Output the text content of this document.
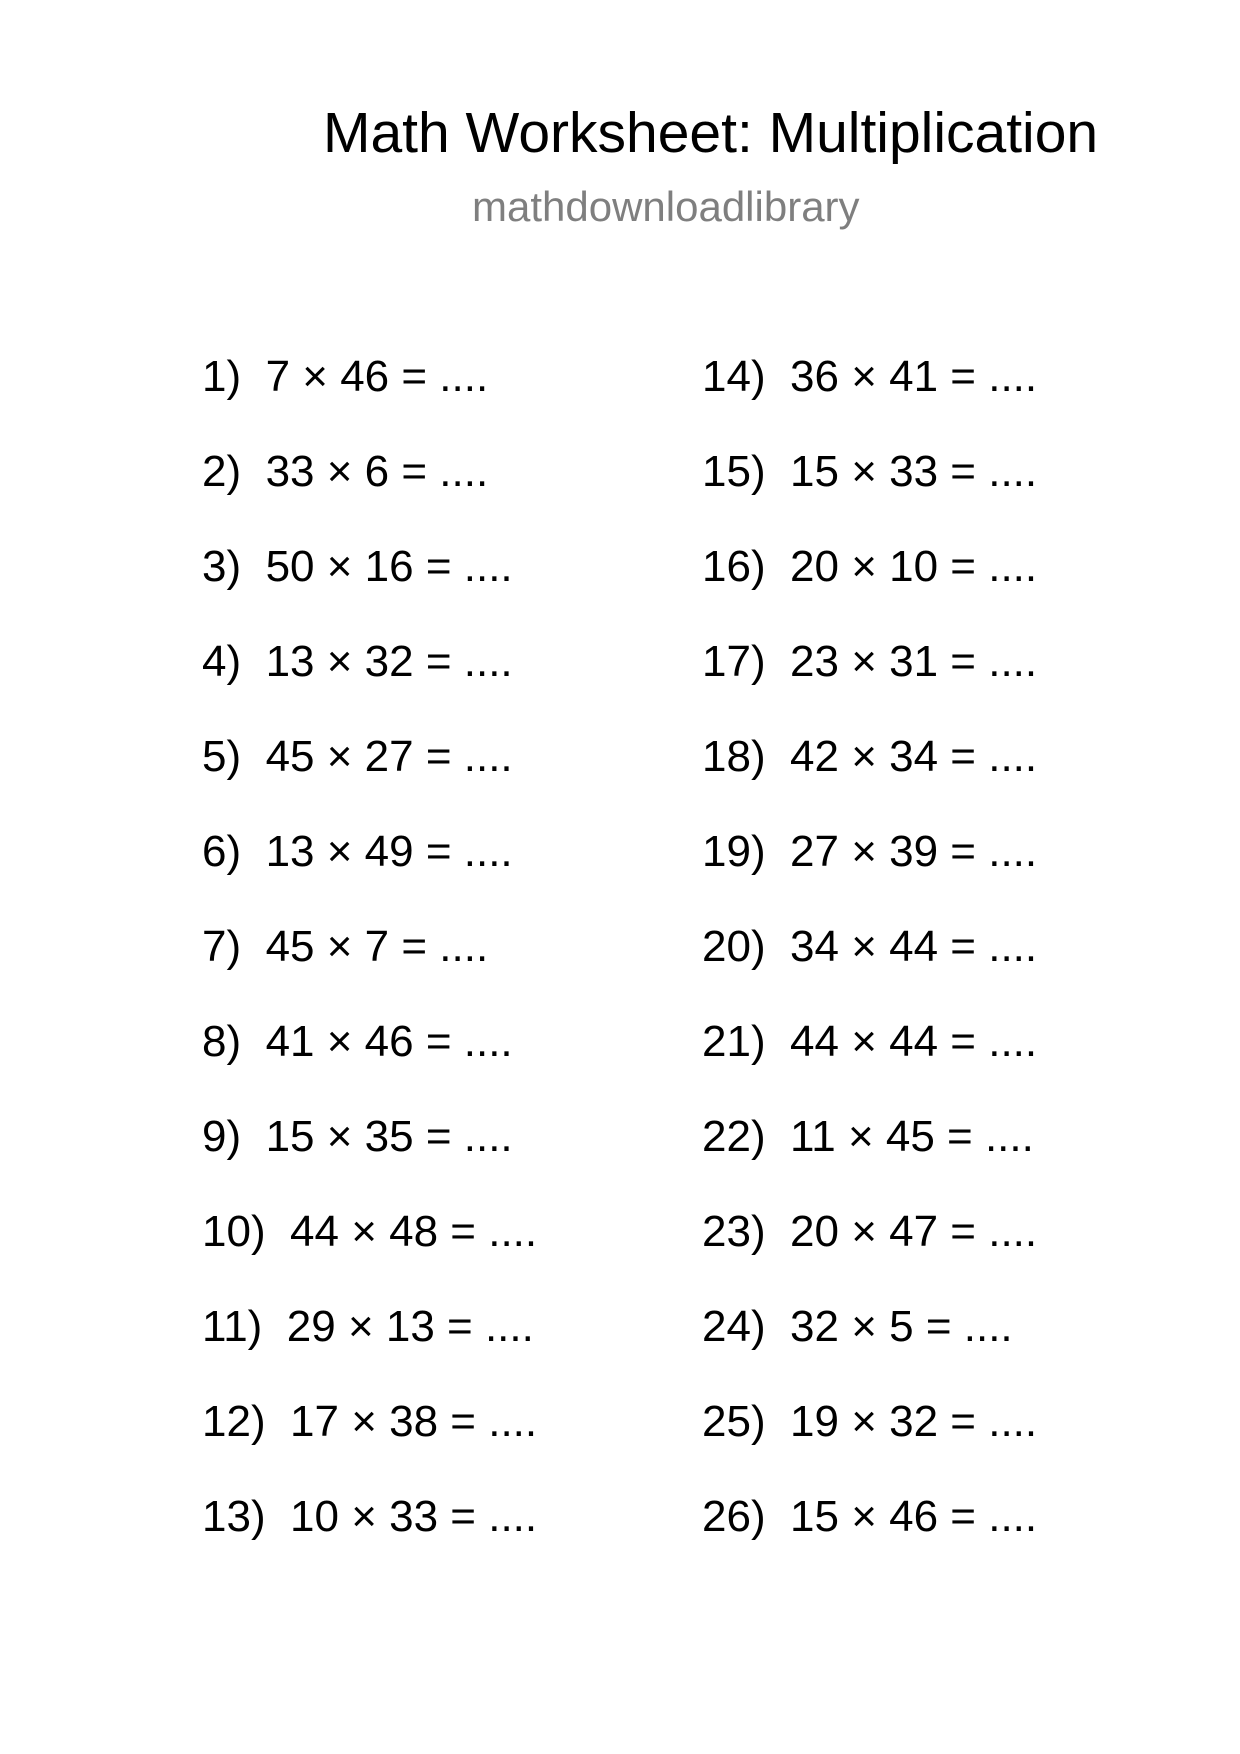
Math Worksheet: Multiplication
mathdownloadlibrary
1) 7 × 46 = ....
2) 33 × 6 = ....
3) 50 × 16 = ....
4) 13 × 32 = ....
5) 45 × 27 = ....
6) 13 × 49 = ....
7) 45 × 7 = ....
8) 41 × 46 = ....
9) 15 × 35 = ....
10) 44 × 48 = ....
11) 29 × 13 = ....
12) 17 × 38 = ....
13) 10 × 33 = ....
14) 36 × 41 = ....
15) 15 × 33 = ....
16) 20 × 10 = ....
17) 23 × 31 = ....
18) 42 × 34 = ....
19) 27 × 39 = ....
20) 34 × 44 = ....
21) 44 × 44 = ....
22) 11 × 45 = ....
23) 20 × 47 = ....
24) 32 × 5 = ....
25) 19 × 32 = ....
26) 15 × 46 = ....
